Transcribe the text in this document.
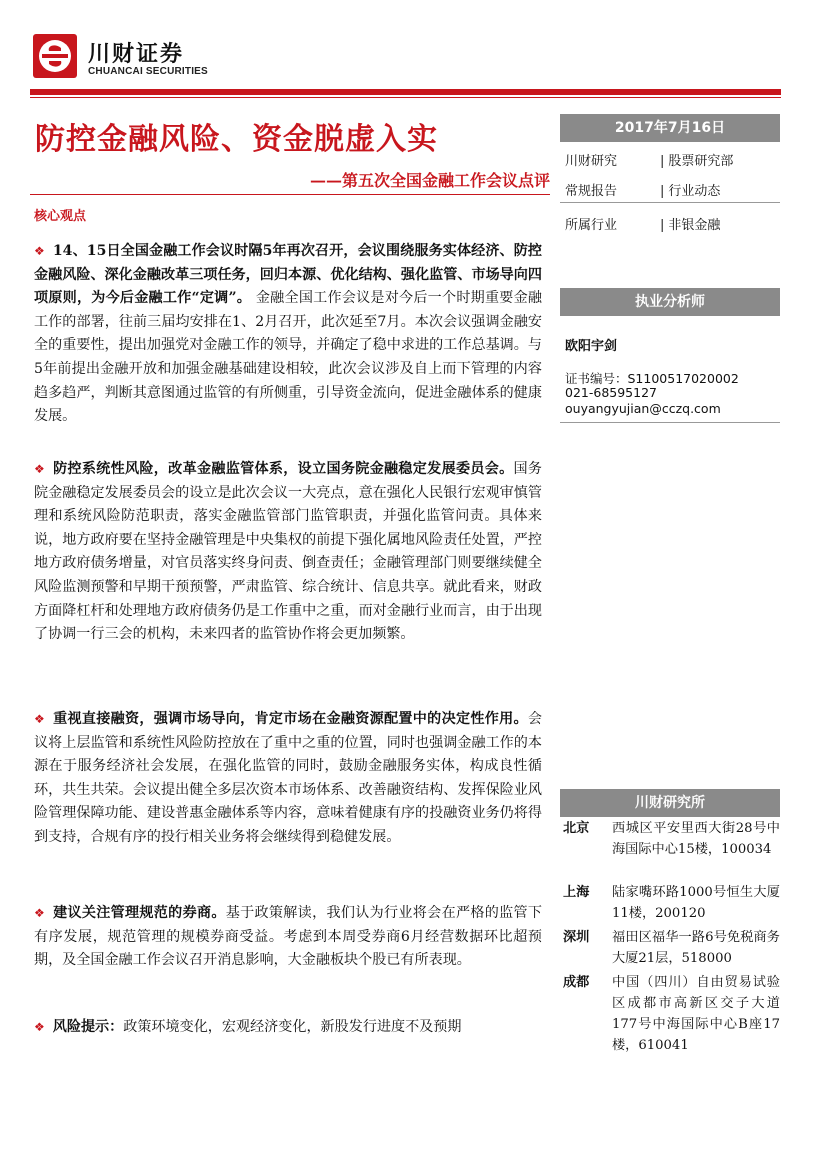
川财证券
CHUANCAI SECURITIES
防控金融风险、资金脱虚入实
——第五次全国金融工作会议点评
核心观点
❖ 14、15日全国金融工作会议时隔5年再次召开，会议围绕服务实体经济、防控金融风险、深化金融改革三项任务，回归本源、优化结构、强化监管、市场导向四项原则，为今后金融工作“定调”。 金融全国工作会议是对今后一个时期重要金融工作的部署，往前三届均安排在1、2月召开，此次延至7月。本次会议强调金融安全的重要性，提出加强党对金融工作的领导，并确定了稳中求进的工作总基调。与5年前提出金融开放和加强金融基础建设相较，此次会议涉及自上而下管理的内容趋多趋严，判断其意图通过监管的有所侧重，引导资金流向，促进金融体系的健康发展。
❖ 防控系统性风险，改革金融监管体系，设立国务院金融稳定发展委员会。国务院金融稳定发展委员会的设立是此次会议一大亮点，意在强化人民银行宏观审慎管理和系统风险防范职责，落实金融监管部门监管职责，并强化监管问责。具体来说，地方政府要在坚持金融管理是中央集权的前提下强化属地风险责任处置，严控地方政府债务增量，对官员落实终身问责、倒查责任；金融管理部门则要继续健全风险监测预警和早期干预预警，严肃监管、综合统计、信息共享。就此看来，财政方面降杠杆和处理地方政府债务仍是工作重中之重，而对金融行业而言，由于出现了协调一行三会的机构，未来四者的监管协作将会更加频繁。
❖ 重视直接融资，强调市场导向，肯定市场在金融资源配置中的决定性作用。会议将上层监管和系统性风险防控放在了重中之重的位置，同时也强调金融工作的本源在于服务经济社会发展，在强化监管的同时，鼓励金融服务实体，构成良性循环，共生共荣。会议提出健全多层次资本市场体系、改善融资结构、发挥保险业风险管理保障功能、建设普惠金融体系等内容，意味着健康有序的投融资业务仍将得到支持，合规有序的投行相关业务将会继续得到稳健发展。
❖ 建议关注管理规范的券商。基于政策解读，我们认为行业将会在严格的监管下有序发展，规范管理的规模券商受益。考虑到本周受券商6月经营数据环比超预期，及全国金融工作会议召开消息影响，大金融板块个股已有所表现。
❖ 风险提示：政策环境变化，宏观经济变化，新股发行进度不及预期
2017年7月16日
川财研究	| 股票研究部
常规报告	| 行业动态
所属行业	| 非银金融
执业分析师
欧阳宇剑
证书编号：S1100517020002
021-68595127
ouyangyujian@cczq.com
川财研究所
北京	西城区平安里西大街28号中海国际中心15楼，100034
上海	陆家嘴环路1000号恒生大厦11楼，200120
深圳	福田区福华一路6号免税商务大厦21层，518000
成都	中国（四川）自由贸易试验区成都市高新区交子大道177号中海国际中心B座17楼，610041
